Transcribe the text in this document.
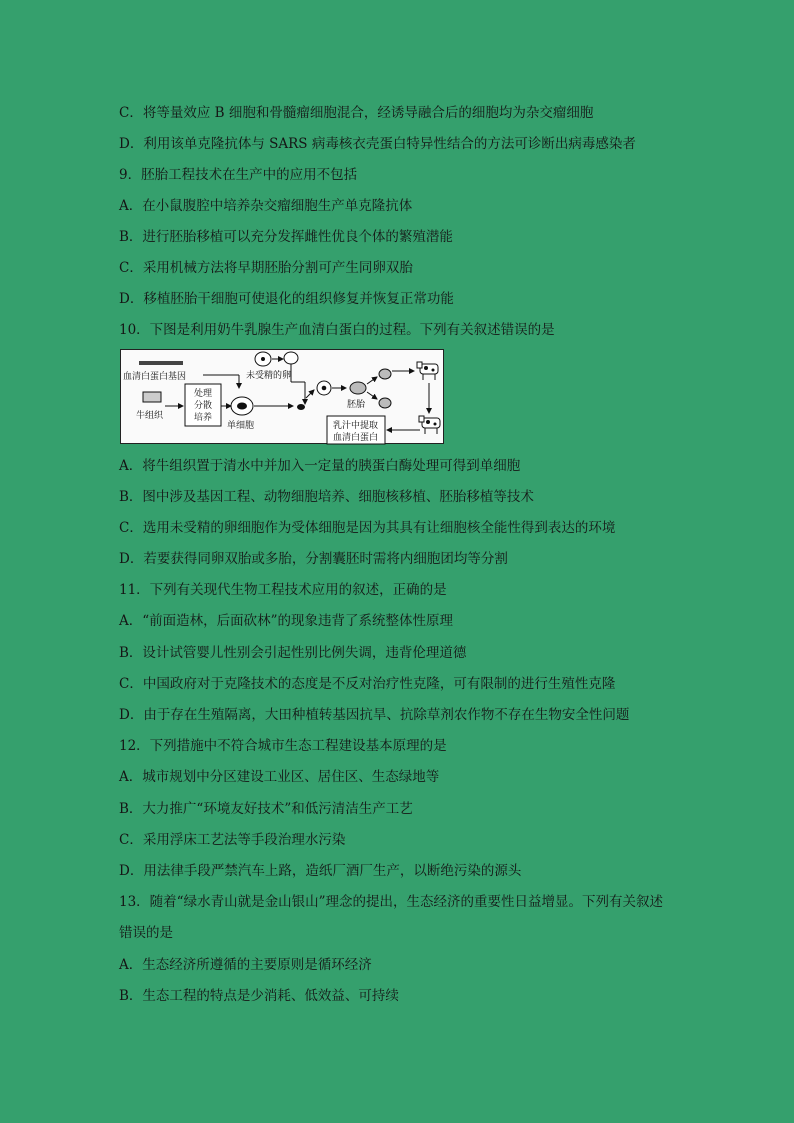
C．将等量效应 B 细胞和骨髓瘤细胞混合，经诱导融合后的细胞均为杂交瘤细胞
D．利用该单克隆抗体与 SARS 病毒核衣壳蛋白特异性结合的方法可诊断出病毒感染者
9．胚胎工程技术在生产中的应用不包括
A．在小鼠腹腔中培养杂交瘤细胞生产单克隆抗体
B．进行胚胎移植可以充分发挥雌性优良个体的繁殖潜能
C．采用机械方法将早期胚胎分割可产生同卵双胎
D．移植胚胎干细胞可使退化的组织修复并恢复正常功能
10．下图是利用奶牛乳腺生产血清白蛋白的过程。下列有关叙述错误的是
血清白蛋白基因	未受精的卵
牛组织
处理
分散
培养
单细胞
胚胎
乳汁中提取
血清白蛋白
A．将牛组织置于清水中并加入一定量的胰蛋白酶处理可得到单细胞
B．图中涉及基因工程、动物细胞培养、细胞核移植、胚胎移植等技术
C．选用未受精的卵细胞作为受体细胞是因为其具有让细胞核全能性得到表达的环境
D．若要获得同卵双胎或多胎，分割囊胚时需将内细胞团均等分割
11．下列有关现代生物工程技术应用的叙述，正确的是
A．“前面造林，后面砍林”的现象违背了系统整体性原理
B．设计试管婴儿性别会引起性别比例失调，违背伦理道德
C．中国政府对于克隆技术的态度是不反对治疗性克隆，可有限制的进行生殖性克隆
D．由于存在生殖隔离，大田种植转基因抗旱、抗除草剂农作物不存在生物安全性问题
12．下列措施中不符合城市生态工程建设基本原理的是
A．城市规划中分区建设工业区、居住区、生态绿地等
B．大力推广“环境友好技术”和低污清洁生产工艺
C．采用浮床工艺法等手段治理水污染
D．用法律手段严禁汽车上路，造纸厂酒厂生产，以断绝污染的源头
13．随着“绿水青山就是金山银山”理念的提出，生态经济的重要性日益增显。下列有关叙述
错误的是
A．生态经济所遵循的主要原则是循环经济
B．生态工程的特点是少消耗、低效益、可持续
